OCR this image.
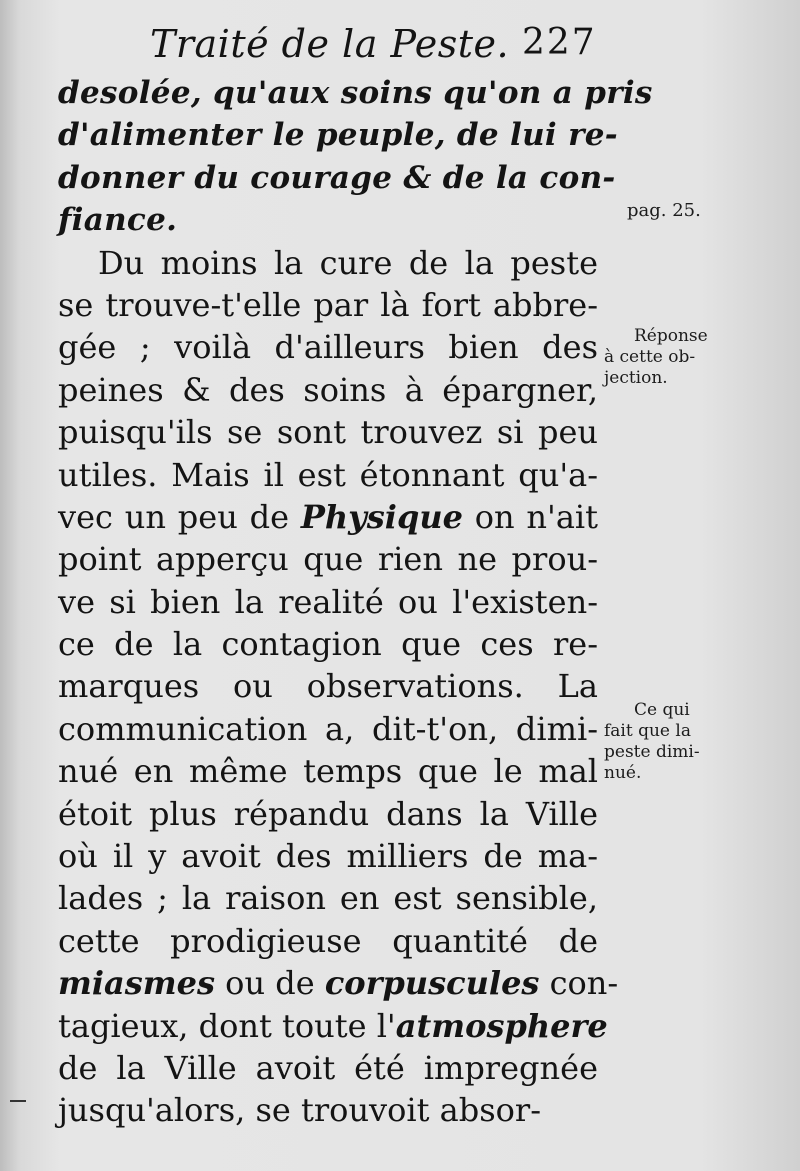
Traité de la Peste. 227
desolée, qu'aux soins qu'on a pris
d'alimenter le peuple, de lui re-
donner du courage & de la con-
fiance.
Du moins la cure de la peste
se trouve-t'elle par là fort abbre-
gée ; voilà d'ailleurs bien des
peines & des soins à épargner,
puisqu'ils se sont trouvez si peu
utiles. Mais il est étonnant qu'a-
vec un peu de Physique on n'ait
point apperçu que rien ne prou-
ve si bien la realité ou l'existen-
ce de la contagion que ces re-
marques ou observations. La
communication a, dit-t'on, dimi-
nué en même temps que le mal
étoit plus répandu dans la Ville
où il y avoit des milliers de ma-
lades ; la raison en est sensible,
cette prodigieuse quantité de
miasmes ou de corpuscules con-
tagieux, dont toute l'atmosphere
de la Ville avoit été impregnée
jusqu'alors, se trouvoit absor-
pag. 25.
Réponse
à cette ob-
jection.
Ce qui
fait que la
peste dimi-
nué.
